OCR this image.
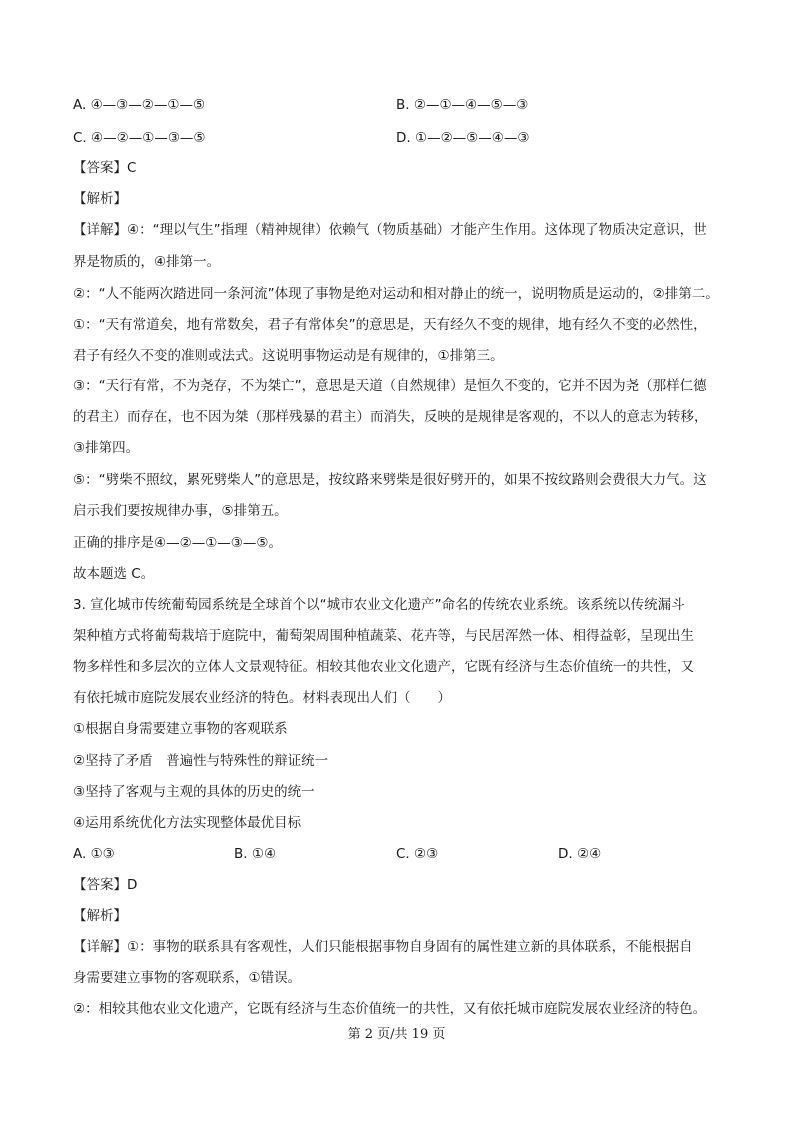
A. ④—③—②—①—⑤	B. ②—①—④—⑤—③
C. ④—②—①—③—⑤	D. ①—②—⑤—④—③
【答案】C
【解析】
【详解】④：“理以气生”指理（精神规律）依赖气（物质基础）才能产生作用。这体现了物质决定意识，世
界是物质的，④排第一。
②：“人不能两次踏进同一条河流”体现了事物是绝对运动和相对静止的统一，说明物质是运动的，②排第二。
①：“天有常道矣，地有常数矣，君子有常体矣”的意思是，天有经久不变的规律，地有经久不变的必然性，
君子有经久不变的准则或法式。这说明事物运动是有规律的，①排第三。
③：“天行有常，不为尧存，不为桀亡”，意思是天道（自然规律）是恒久不变的，它并不因为尧（那样仁德
的君主）而存在，也不因为桀（那样残暴的君主）而消失，反映的是规律是客观的，不以人的意志为转移，
③排第四。
⑤：“劈柴不照纹，累死劈柴人”的意思是，按纹路来劈柴是很好劈开的，如果不按纹路则会费很大力气。这
启示我们要按规律办事，⑤排第五。
正确的排序是④—②—①—③—⑤。
故本题选 C。
3. 宣化城市传统葡萄园系统是全球首个以“城市农业文化遗产”命名的传统农业系统。该系统以传统漏斗
架种植方式将葡萄栽培于庭院中，葡萄架周围种植蔬菜、花卉等，与民居浑然一体、相得益彰，呈现出生
物多样性和多层次的立体人文景观特征。相较其他农业文化遗产，它既有经济与生态价值统一的共性，又
有依托城市庭院发展农业经济的特色。材料表现出人们（　　）
①根据自身需要建立事物的客观联系
②坚持了矛盾　普遍性与特殊性的辩证统一
③坚持了客观与主观的具体的历史的统一
④运用系统优化方法实现整体最优目标
A. ①③	B. ①④	C. ②③	D. ②④
【答案】D
【解析】
【详解】①：事物的联系具有客观性，人们只能根据事物自身固有的属性建立新的具体联系，不能根据自
身需要建立事物的客观联系，①错误。
②：相较其他农业文化遗产，它既有经济与生态价值统一的共性，又有依托城市庭院发展农业经济的特色。
第 2 页/共 19 页
